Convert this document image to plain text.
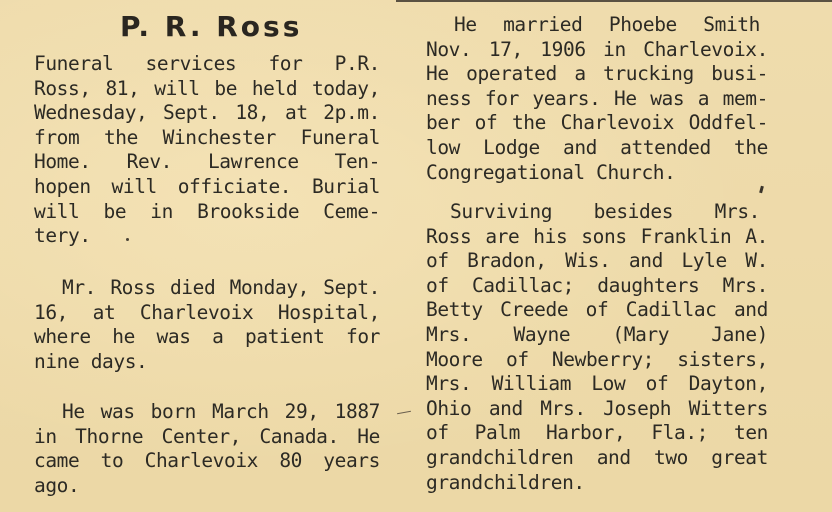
P. R. Ross
Funeral services for P.R.
Ross, 81, will be held today,
Wednesday, Sept. 18, at 2p.m.
from the Winchester Funeral
Home. Rev. Lawrence Ten-
hopen will officiate. Burial
will be in Brookside Ceme-
tery.
Mr. Ross died Monday, Sept.
16, at Charlevoix Hospital,
where he was a patient for
nine days.
He was born March 29, 1887
in Thorne Center, Canada. He
came to Charlevoix 80 years
ago.
He married Phoebe Smith
Nov. 17, 1906 in Charlevoix.
He operated a trucking busi-
ness for years. He was a mem-
ber of the Charlevoix Oddfel-
low Lodge and attended the
Congregational Church.
Surviving besides Mrs.
Ross are his sons Franklin A.
of Bradon, Wis. and Lyle W.
of Cadillac; daughters Mrs.
Betty Creede of Cadillac and
Mrs. Wayne (Mary Jane)
Moore of Newberry; sisters,
Mrs. William Low of Dayton,
Ohio and Mrs. Joseph Witters
of Palm Harbor, Fla.; ten
grandchildren and two great
grandchildren.
